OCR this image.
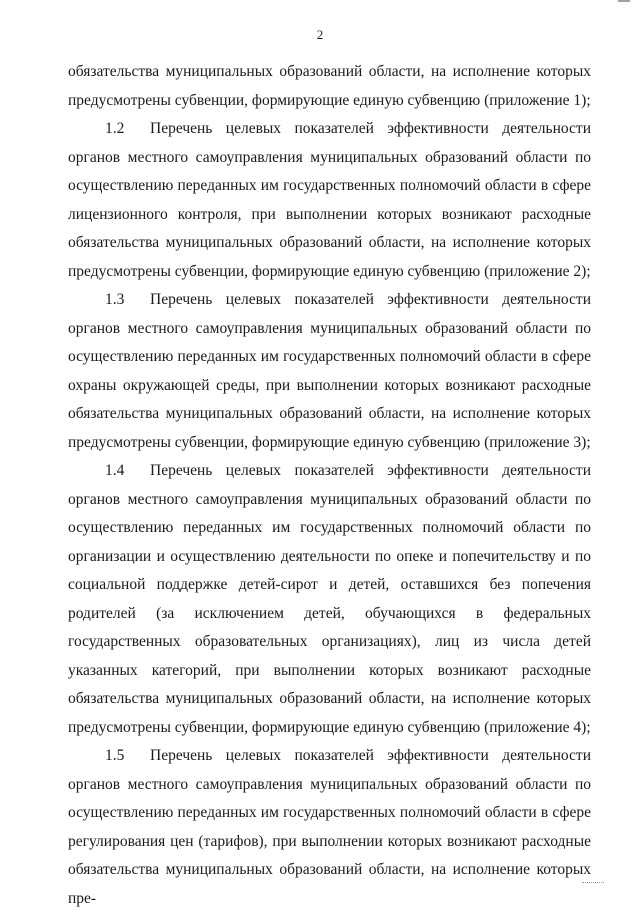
2

обязательства муниципальных образований области, на исполнение которых предусмотрены субвенции, формирующие единую субвенцию (приложение 1);

1.2 Перечень целевых показателей эффективности деятельности органов местного самоуправления муниципальных образований области по осуществлению переданных им государственных полномочий области в сфере лицензионного контроля, при выполнении которых возникают расходные обязательства муниципальных образований области, на исполнение которых предусмотрены субвенции, формирующие единую субвенцию (приложение 2);

1.3 Перечень целевых показателей эффективности деятельности органов местного самоуправления муниципальных образований области по осуществлению переданных им государственных полномочий области в сфере охраны окружающей среды, при выполнении которых возникают расходные обязательства муниципальных образований области, на исполнение которых предусмотрены субвенции, формирующие единую субвенцию (приложение 3);

1.4 Перечень целевых показателей эффективности деятельности органов местного самоуправления муниципальных образований области по осуществлению переданных им государственных полномочий области по организации и осуществлению деятельности по опеке и попечительству и по социальной поддержке детей-сирот и детей, оставшихся без попечения родителей (за исключением детей, обучающихся в федеральных государственных образовательных организациях), лиц из числа детей указанных категорий, при выполнении которых возникают расходные обязательства муниципальных образований области, на исполнение которых предусмотрены субвенции, формирующие единую субвенцию (приложение 4);

1.5 Перечень целевых показателей эффективности деятельности органов местного самоуправления муниципальных образований области по осуществлению переданных им государственных полномочий области в сфере регулирования цен (тарифов), при выполнении которых возникают расходные обязательства муниципальных образований области, на исполнение которых пре-
